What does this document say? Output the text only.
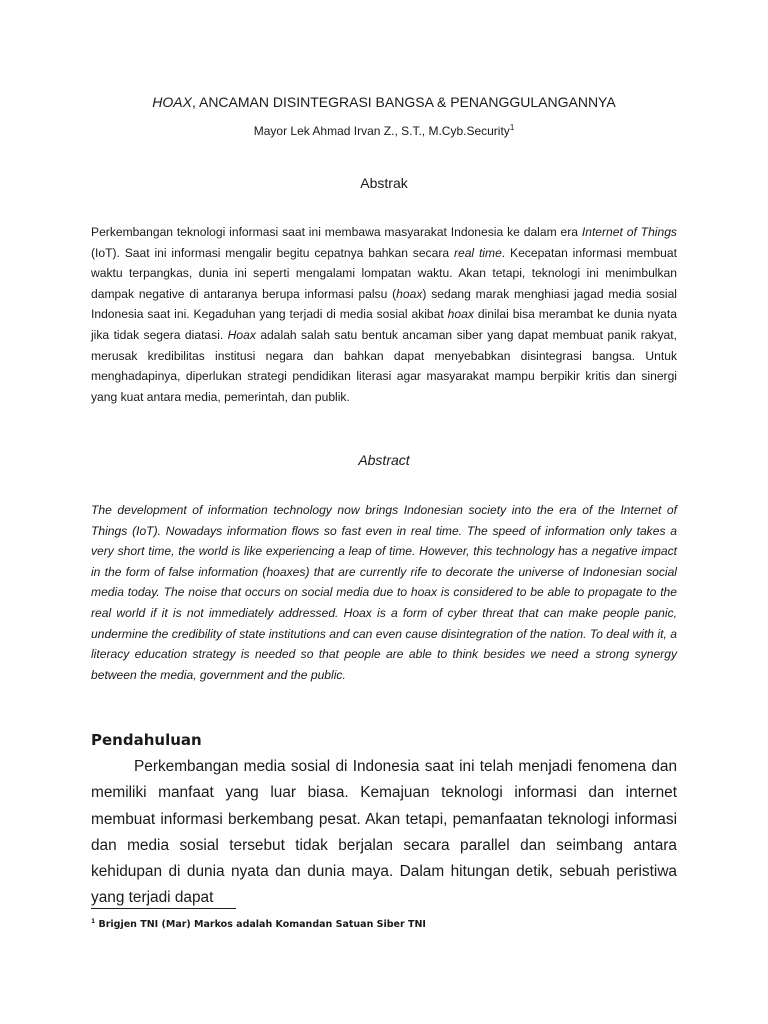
HOAX, ANCAMAN DISINTEGRASI BANGSA & PENANGGULANGANNYA
Mayor Lek Ahmad Irvan Z., S.T., M.Cyb.Security$^1$
Abstrak

Perkembangan teknologi informasi saat ini membawa masyarakat Indonesia ke dalam era Internet of Things (IoT). Saat ini informasi mengalir begitu cepatnya bahkan secara real time. Kecepatan informasi membuat waktu terpangkas, dunia ini seperti mengalami lompatan waktu. Akan tetapi, teknologi ini menimbulkan dampak negative di antaranya berupa informasi palsu (hoax) sedang marak menghiasi jagad media sosial Indonesia saat ini. Kegaduhan yang terjadi di media sosial akibat hoax dinilai bisa merambat ke dunia nyata jika tidak segera diatasi. Hoax adalah salah satu bentuk ancaman siber yang dapat membuat panik rakyat, merusak kredibilitas institusi negara dan bahkan dapat menyebabkan disintegrasi bangsa. Untuk menghadapinya, diperlukan strategi pendidikan literasi agar masyarakat mampu berpikir kritis dan sinergi yang kuat antara media, pemerintah, dan publik.

Abstract

The development of information technology now brings Indonesian society into the era of the Internet of Things (IoT). Nowadays information flows so fast even in real time. The speed of information only takes a very short time, the world is like experiencing a leap of time. However, this technology has a negative impact in the form of false information (hoaxes) that are currently rife to decorate the universe of Indonesian social media today. The noise that occurs on social media due to hoax is considered to be able to propagate to the real world if it is not immediately addressed. Hoax is a form of cyber threat that can make people panic, undermine the credibility of state institutions and can even cause disintegration of the nation. To deal with it, a literacy education strategy is needed so that people are able to think besides we need a strong synergy between the media, government and the public.

Pendahuluan

Perkembangan media sosial di Indonesia saat ini telah menjadi fenomena dan memiliki manfaat yang luar biasa. Kemajuan teknologi informasi dan internet membuat informasi berkembang pesat. Akan tetapi, pemanfaatan teknologi informasi dan media sosial tersebut tidak berjalan secara parallel dan seimbang antara kehidupan di dunia nyata dan dunia maya. Dalam hitungan detik, sebuah peristiwa yang terjadi dapat

$^1$ Brigjen TNI (Mar) Markos adalah Komandan Satuan Siber TNI
